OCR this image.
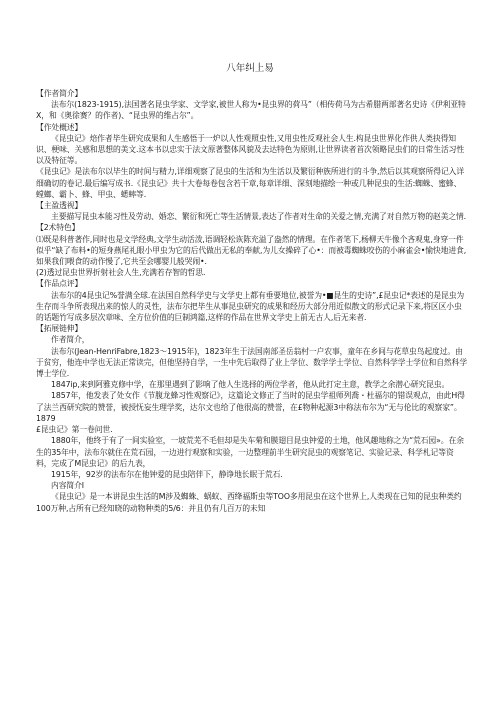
八年纠上易

【作者简介】

法布尔(1823-1915),法国著名昆虫学家、文学家,被世人称为•昆虫界的荷马”（相传荷马为古希腊两部著名史诗《伊利亚特X，和《奥徐赛？的作者)、“昆虫界的维占尔”。

【作处概述】

《昆虫记》焙作者毕生研究成果和人生感悟于一炉以人性观照虫性,又用虫性反观社会人生.构昆虫世界化作供人类抉得知识、梗味、关感和思想的美文.这本书以忠实于法文原著整体风貌及去达特色为原则,让世界读者首次领略昆虫们的日常生活习性以及特征等。

《昆虫记》是法布尔以毕生的时间与精力,详细观察了昆虫的生活和为生活以及繁衍种族所进行的斗争,然后以其观察所得记入详细确切的卷记.最后编写成书.《昆虫记》共十大卷每卷包含若干章,每章详细、深刻地描绘一种或几种昆虫的生活:蜘蛛、蜜蜂、螳螂、霸⼘、蜂、甲虫、蟋蟀等.

【主盈透视】

主要描写昆虫本能习性及劳动、婚恋、繁衍和死亡等生活情景,表达了作者对生命的关爱之情,充满了对自然万物的赵美之情.

【2术特色】

⑴既是科普著作,同时也是文学经典,文学生动活泼,语调轻松诙陈充溢了盎然的情理。在作者笔下,杨柳天牛像个吝观鬼,身穿一件似乎“缺了布料•的短身燕尾礼眼小甲虫为它的后代做出无私的奉献,为儿女操碎了心•：而被毒蜘蛛咬伤的小麻雀会•愉快地进食,如果我们喂食的动作慢了,它共至会哪婴儿般哭闹•.

(2)透过昆虫世界折射社会人生,充满若存智的哲思.

【作品点评】

法布尔的4昆虫记%誉满全球.在法国自然科学史与文学史上都有垂要地位,被誉为•■昆生的史诗”,£昆虫记*表述的是昆虫为生存而斗争所表现出来的惊人的灵性，法布尔把毕生从事昆虫研究的成果和经历大部分用近似散文的形式记录下来,将区区小虫的话题竹写成多层次章味、全方位价值的巨制鸿篇,这样的作品在世界文学史上前无古人,后无来者.

【拓展链伸】

作者简介，

法布尔(Jean-HenriFabre,1823～1915年)，1823年生于法国南部圣岳翁村一户农事，童年在乡间与花草虫鸟起度过。由于贫穷，他连中学也无法正常读完，但他坚持自学，一生中先后取得了业上学位、数学学士学位、自然科学学士学位和自然科学博士学位.

1847ip,来到阿雅克修中学，在那里遇到了影响了他人生选择的两位学者，他从此打定主意，教学之余潜心研究昆虫。

1857年，他发表了处女作《节腹龙蜂习性观察记》，这篇论文修正了当时的昆虫学祖师列喬・杜福尔的错误观点，由此H得了法兰西研究院的赞誉，被授怃妄生理学奖，达尔文也给了他很高的赞誉，在£物种起源3中称法布尔为“无与伦比的观察家”。1879

£昆虫记》第一卷问世.

1880年，他终于有了一间实验室，一坡荒芜不毛但却是失车菊和膜翅目昆虫钟爱的土地，他风趣地称之为“荒石园»。在余生的35年中，法布尔就住在荒石园，一边进行观察和实验，一边整理前半生研究昆虫的观察笔记、实验记录、科学札记等资料，完成了M昆虫记》的后九表，

1915年，92岁的法布尔在他钟爱的昆虫陪伴下，静诤地长眠于荒石.

内容简介I

《昆虫记》是一本讲昆虫生活的M涉及蜘蛛、蜗蚁、西绛福斯虫等TOO多用昆虫在这个世界上,人类现在已知的昆虫种类约100万种,占所有已经知晓的动物种类的5/6：并且仍有几百万的未知
